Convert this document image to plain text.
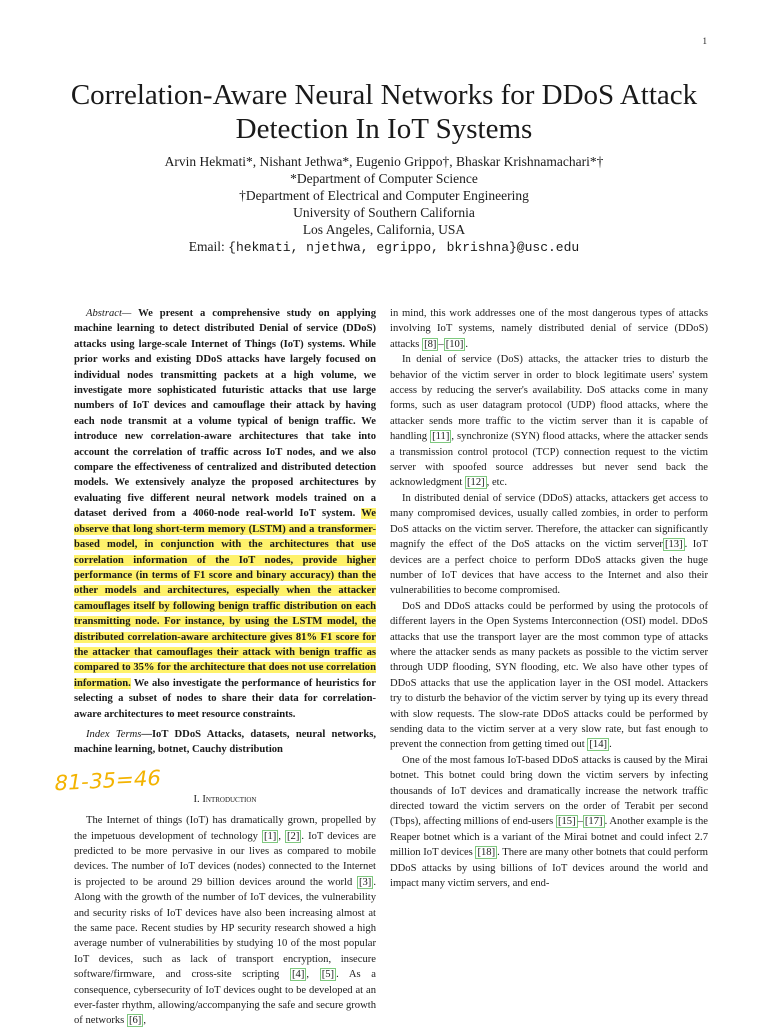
1
Correlation-Aware Neural Networks for DDoS Attack Detection In IoT Systems
Arvin Hekmati*, Nishant Jethwa*, Eugenio Grippo†, Bhaskar Krishnamachari*†
*Department of Computer Science
†Department of Electrical and Computer Engineering
University of Southern California
Los Angeles, California, USA
Email: {hekmati, njethwa, egrippo, bkrishna}@usc.edu

Abstract— We present a comprehensive study on applying machine learning to detect distributed Denial of service (DDoS) attacks using large-scale Internet of Things (IoT) systems. While prior works and existing DDoS attacks have largely focused on individual nodes transmitting packets at a high volume, we investigate more sophisticated futuristic attacks that use large numbers of IoT devices and camouflage their attack by having each node transmit at a volume typical of benign traffic. We introduce new correlation-aware architectures that take into account the correlation of traffic across IoT nodes, and we also compare the effectiveness of centralized and distributed detection models. We extensively analyze the proposed architectures by evaluating five different neural network models trained on a dataset derived from a 4060-node real-world IoT system. We observe that long short-term memory (LSTM) and a transformer-based model, in conjunction with the architectures that use correlation information of the IoT nodes, provide higher performance (in terms of F1 score and binary accuracy) than the other models and architectures, especially when the attacker camouflages itself by following benign traffic distribution on each transmitting node. For instance, by using the LSTM model, the distributed correlation-aware architecture gives 81% F1 score for the attacker that camouflages their attack with benign traffic as compared to 35% for the architecture that does not use correlation information. We also investigate the performance of heuristics for selecting a subset of nodes to share their data for correlation-aware architectures to meet resource constraints.

Index Terms—IoT DDoS Attacks, datasets, neural networks, machine learning, botnet, Cauchy distribution

81-35=46

I. Introduction

The Internet of things (IoT) has dramatically grown, propelled by the impetuous development of technology [1] , [2] . IoT devices are predicted to be more pervasive in our lives as compared to mobile devices. The number of IoT devices (nodes) connected to the Internet is projected to be around 29 billion devices around the world [3] . Along with the growth of the number of IoT devices, the vulnerability and security risks of IoT devices have also been increasing almost at the same pace. Recent studies by HP security research showed a high average number of vulnerabilities by studying 10 of the most popular IoT devices, such as lack of transport encryption, insecure software/firmware, and cross-site scripting [4] , [5] . As a consequence, cybersecurity of IoT devices ought to be developed at an ever-faster rhythm, allowing/accompanying the safe and secure growth of networks [6] ,

in mind, this work addresses one of the most dangerous types of attacks involving IoT systems, namely distributed denial of service (DDoS) attacks [8] – [10] .

In denial of service (DoS) attacks, the attacker tries to disturb the behavior of the victim server in order to block legitimate users' system access by reducing the server's availability. DoS attacks come in many forms, such as user datagram protocol (UDP) flood attacks, where the attacker sends more traffic to the victim server than it is capable of handling [11] , synchronize (SYN) flood attacks, where the attacker sends a transmission control protocol (TCP) connection request to the victim server with spoofed source addresses but never send back the acknowledgment [12] , etc.

In distributed denial of service (DDoS) attacks, attackers get access to many compromised devices, usually called zombies, in order to perform DoS attacks on the victim server. Therefore, the attacker can significantly magnify the effect of the DoS attacks on the victim server [13] . IoT devices are a perfect choice to perform DDoS attacks given the huge number of IoT devices that have access to the Internet and also their vulnerabilities to become compromised.

DoS and DDoS attacks could be performed by using the protocols of different layers in the Open Systems Interconnection (OSI) model. DDoS attacks that use the transport layer are the most common type of attacks where the attacker sends as many packets as possible to the victim server through UDP flooding, SYN flooding, etc. We also have other types of DDoS attacks that use the application layer in the OSI model. Attackers try to disturb the behavior of the victim server by tying up its every thread with slow requests. The slow-rate DDoS attacks could be performed by sending data to the victim server at a very slow rate, but fast enough to prevent the connection from getting timed out [14] .

One of the most famous IoT-based DDoS attacks is caused by the Mirai botnet. This botnet could bring down the victim servers by infecting thousands of IoT devices and dramatically increase the network traffic directed toward the victim servers on the order of Terabit per second (Tbps), affecting millions of end-users [15] – [17] . Another example is the Reaper botnet which is a variant of the Mirai botnet and could infect 2.7 million IoT devices [18] . There are many other botnets that could perform DDoS attacks by using billions of IoT devices around the world and impact many victim servers, and end-
